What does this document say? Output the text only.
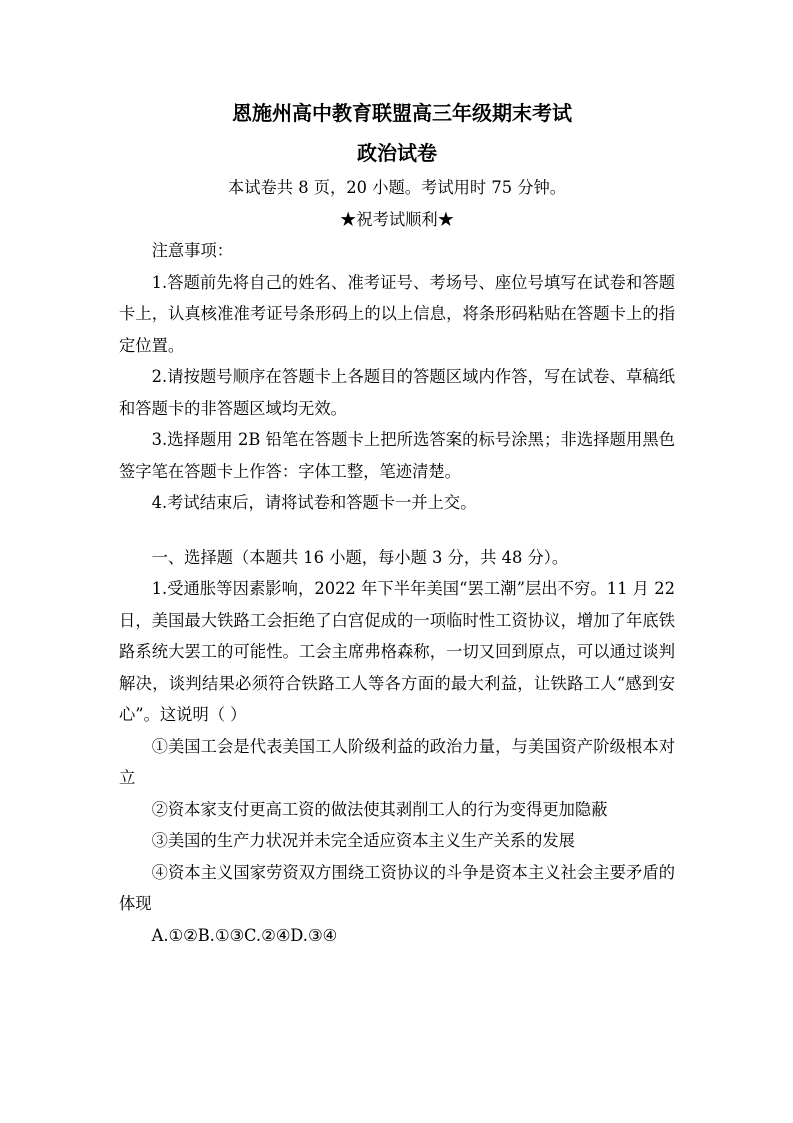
恩施州高中教育联盟高三年级期末考试
政治试卷

本试卷共 8 页，20 小题。考试用时 75 分钟。

★祝考试顺利★

注意事项：

1.答题前先将自己的姓名、准考证号、考场号、座位号填写在试卷和答题卡上，认真核准准考证号条形码上的以上信息，将条形码粘贴在答题卡上的指定位置。

2.请按题号顺序在答题卡上各题目的答题区域内作答，写在试卷、草稿纸和答题卡的非答题区域均无效。

3.选择题用 2B 铅笔在答题卡上把所选答案的标号涂黑；非选择题用黑色签字笔在答题卡上作答：字体工整，笔迹清楚。

4.考试结束后，请将试卷和答题卡一并上交。

一、选择题（本题共 16 小题，每小题 3 分，共 48 分）。

1.受通胀等因素影响，2022 年下半年美国“罢工潮”层出不穷。11 月 22 日，美国最大铁路工会拒绝了白宫促成的一项临时性工资协议，增加了年底铁路系统大罢工的可能性。工会主席弗格森称，一切又回到原点，可以通过谈判解决，谈判结果必须符合铁路工人等各方面的最大利益，让铁路工人“感到安心”。这说明（ ）

①美国工会是代表美国工人阶级利益的政治力量，与美国资产阶级根本对立

②资本家支付更高工资的做法使其剥削工人的行为变得更加隐蔽

③美国的生产力状况并未完全适应资本主义生产关系的发展

④资本主义国家劳资双方围绕工资协议的斗争是资本主义社会主要矛盾的体现

A.①②B.①③C.②④D.③④
